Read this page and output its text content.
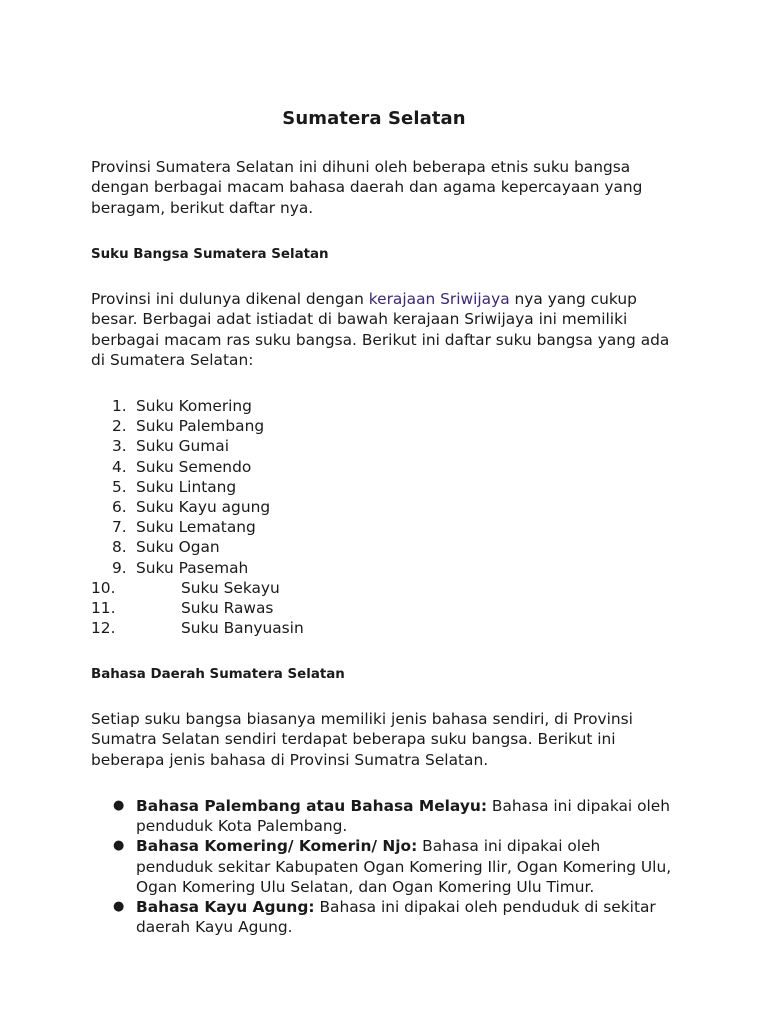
Sumatera Selatan

Provinsi Sumatera Selatan ini dihuni oleh beberapa etnis suku bangsa dengan berbagai macam bahasa daerah dan agama kepercayaan yang beragam, berikut daftar nya.

Suku Bangsa Sumatera Selatan

Provinsi ini dulunya dikenal dengan kerajaan Sriwijaya nya yang cukup besar. Berbagai adat istiadat di bawah kerajaan Sriwijaya ini memiliki berbagai macam ras suku bangsa. Berikut ini daftar suku bangsa yang ada di Sumatera Selatan:

1. Suku Komering
2. Suku Palembang
3. Suku Gumai
4. Suku Semendo
5. Suku Lintang
6. Suku Kayu agung
7. Suku Lematang
8. Suku Ogan
9. Suku Pasemah
10.	Suku Sekayu
11.	Suku Rawas
12.	Suku Banyuasin
Bahasa Daerah Sumatera Selatan

Setiap suku bangsa biasanya memiliki jenis bahasa sendiri, di Provinsi Sumatra Selatan sendiri terdapat beberapa suku bangsa. Berikut ini beberapa jenis bahasa di Provinsi Sumatra Selatan.

● Bahasa Palembang atau Bahasa Melayu: Bahasa ini dipakai oleh penduduk Kota Palembang.
● Bahasa Komering/ Komerin/ Njo: Bahasa ini dipakai oleh penduduk sekitar Kabupaten Ogan Komering Ilir, Ogan Komering Ulu, Ogan Komering Ulu Selatan, dan Ogan Komering Ulu Timur.
● Bahasa Kayu Agung: Bahasa ini dipakai oleh penduduk di sekitar daerah Kayu Agung.
